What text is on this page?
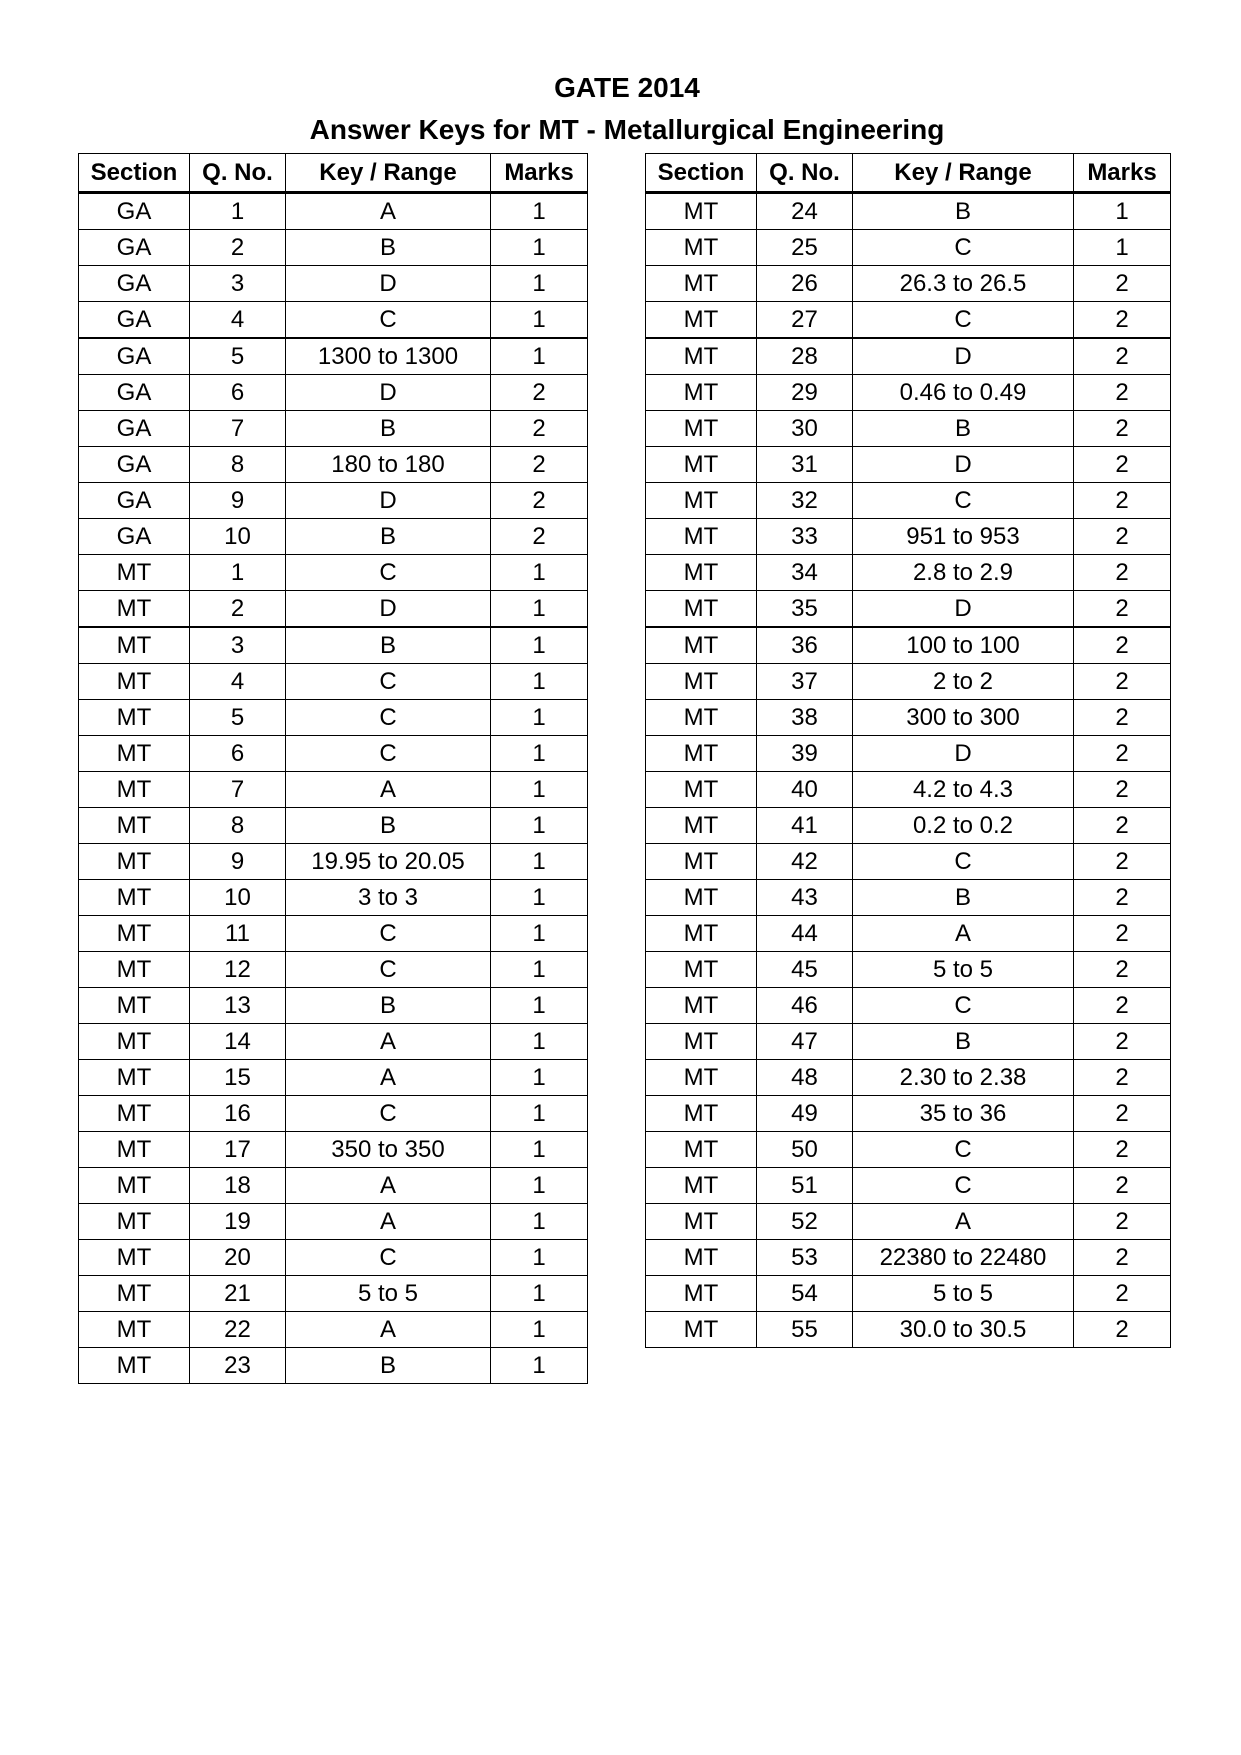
GATE 2014
Answer Keys for MT - Metallurgical Engineering
Section	Q. No.	Key / Range	Marks
GA	1	A	1
GA	2	B	1
GA	3	D	1
GA	4	C	1
GA	5	1300 to 1300	1
GA	6	D	2
GA	7	B	2
GA	8	180 to 180	2
GA	9	D	2
GA	10	B	2
MT	1	C	1
MT	2	D	1
MT	3	B	1
MT	4	C	1
MT	5	C	1
MT	6	C	1
MT	7	A	1
MT	8	B	1
MT	9	19.95 to 20.05	1
MT	10	3 to 3	1
MT	11	C	1
MT	12	C	1
MT	13	B	1
MT	14	A	1
MT	15	A	1
MT	16	C	1
MT	17	350 to 350	1
MT	18	A	1
MT	19	A	1
MT	20	C	1
MT	21	5 to 5	1
MT	22	A	1
MT	23	B	1
Section	Q. No.	Key / Range	Marks
MT	24	B	1
MT	25	C	1
MT	26	26.3 to 26.5	2
MT	27	C	2
MT	28	D	2
MT	29	0.46 to 0.49	2
MT	30	B	2
MT	31	D	2
MT	32	C	2
MT	33	951 to 953	2
MT	34	2.8 to 2.9	2
MT	35	D	2
MT	36	100 to 100	2
MT	37	2 to 2	2
MT	38	300 to 300	2
MT	39	D	2
MT	40	4.2 to 4.3	2
MT	41	0.2 to 0.2	2
MT	42	C	2
MT	43	B	2
MT	44	A	2
MT	45	5 to 5	2
MT	46	C	2
MT	47	B	2
MT	48	2.30 to 2.38	2
MT	49	35 to 36	2
MT	50	C	2
MT	51	C	2
MT	52	A	2
MT	53	22380 to 22480	2
MT	54	5 to 5	2
MT	55	30.0 to 30.5	2
